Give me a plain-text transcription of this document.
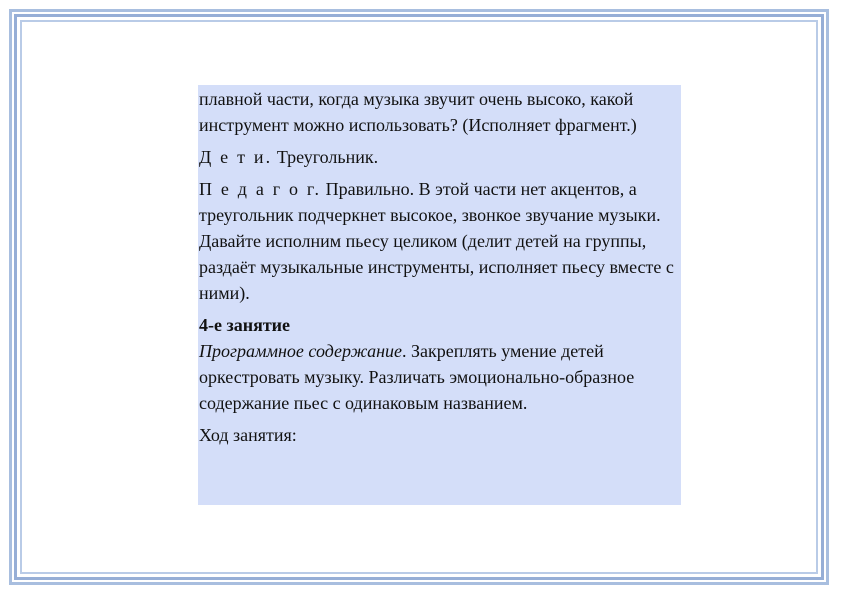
плавной части, когда музыка звучит очень высоко, какой инструмент можно использовать? (Исполняет фрагмент.)

Д е т и. Треугольник.

П е д а г о г. Правильно. В этой части нет акцентов, а треугольник подчеркнет высокое, звонкое звучание музыки. Давайте исполним пьесу целиком (делит детей на группы, раздаёт музыкальные инструменты, исполняет пьесу вместе с ними).

4-е занятие

Программное содержание. Закреплять умение детей оркестровать музыку. Различать эмоционально-образное содержание пьес с одинаковым названием.

Ход занятия:
